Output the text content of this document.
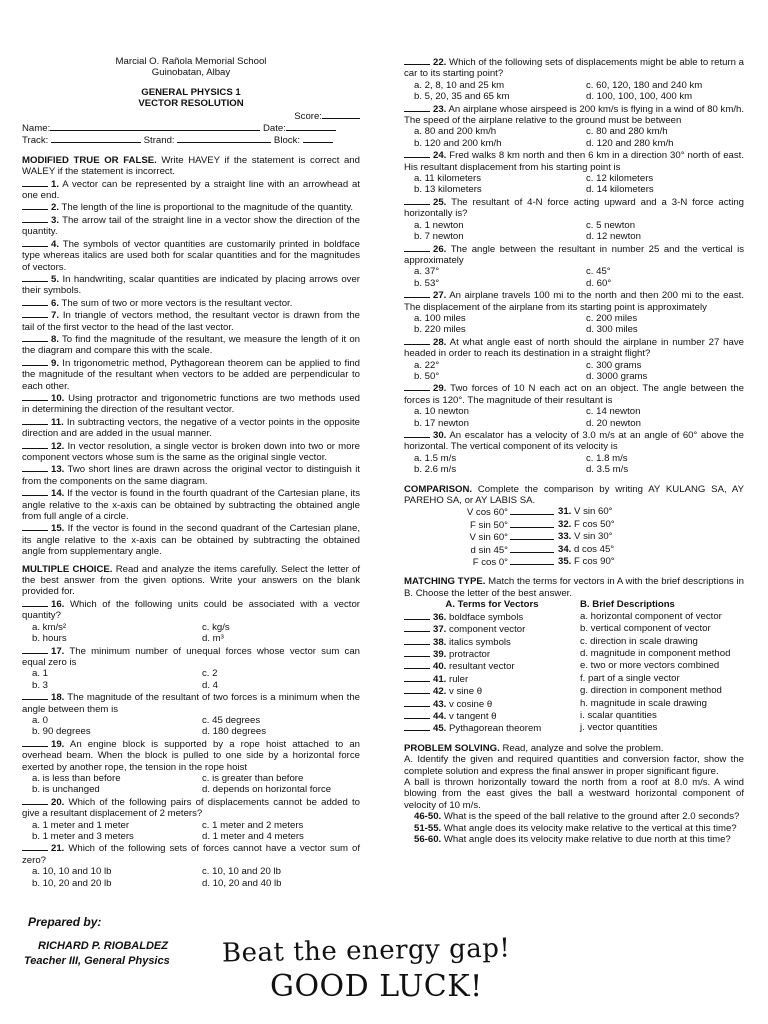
Marcial O. Rañola Memorial School

Guinobatan, Albay

GENERAL PHYSICS 1

VECTOR RESOLUTION

Score:

Name:	Date:

Track:	Strand:	Block:

MODIFIED TRUE OR FALSE. Write HAVEY if the statement is correct and WALEY if the statement is incorrect.

1. A vector can be represented by a straight line with an arrowhead at one end.

2. The length of the line is proportional to the magnitude of the quantity.

3. The arrow tail of the straight line in a vector show the direction of the quantity.

4. The symbols of vector quantities are customarily printed in boldface type whereas italics are used both for scalar quantities and for the magnitudes of vectors.

5. In handwriting, scalar quantities are indicated by placing arrows over their symbols.

6. The sum of two or more vectors is the resultant vector.

7. In triangle of vectors method, the resultant vector is drawn from the tail of the first vector to the head of the last vector.

8. To find the magnitude of the resultant, we measure the length of it on the diagram and compare this with the scale.

9. In trigonometric method, Pythagorean theorem can be applied to find the magnitude of the resultant when vectors to be added are perpendicular to each other.

10. Using protractor and trigonometric functions are two methods used in determining the direction of the resultant vector.

11. In subtracting vectors, the negative of a vector points in the opposite direction and are added in the usual manner.

12. In vector resolution, a single vector is broken down into two or more component vectors whose sum is the same as the original single vector.

13. Two short lines are drawn across the original vector to distinguish it from the components on the same diagram.

14. If the vector is found in the fourth quadrant of the Cartesian plane, its angle relative to the x-axis can be obtained by subtracting the obtained angle from full angle of a circle.

15. If the vector is found in the second quadrant of the Cartesian plane, its angle relative to the x-axis can be obtained by subtracting the obtained angle from supplementary angle.

MULTIPLE CHOICE. Read and analyze the items carefully. Select the letter of the best answer from the given options. Write your answers on the blank provided for.

16. Which of the following units could be associated with a vector quantity?

a. km/s²	c. kg/s
b. hours	d. m³

17. The minimum number of unequal forces whose vector sum can equal zero is

a. 1	c. 2
b. 3	d. 4

18. The magnitude of the resultant of two forces is a minimum when the angle between them is

a. 0	c. 45 degrees
b. 90 degrees	d. 180 degrees

19. An engine block is supported by a rope hoist attached to an overhead beam. When the block is pulled to one side by a horizontal force exerted by another rope, the tension in the rope hoist

a. is less than before	c. is greater than before
b. is unchanged	d. depends on horizontal force

20. Which of the following pairs of displacements cannot be added to give a resultant displacement of 2 meters?

a. 1 meter and 1 meter	c. 1 meter and 2 meters
b. 1 meter and 3 meters	d. 1 meter and 4 meters

21. Which of the following sets of forces cannot have a vector sum of zero?

a. 10, 10 and 10 lb	c. 10, 10 and 20 lb
b. 10, 20 and 20 lb	d. 10, 20 and 40 lb

22. Which of the following sets of displacements might be able to return a car to its starting point?

a. 2, 8, 10 and 25 km	c. 60, 120, 180 and 240 km
b. 5, 20, 35 and 65 km	d. 100, 100, 100, 400 km

23. An airplane whose airspeed is 200 km/s is flying in a wind of 80 km/h. The speed of the airplane relative to the ground must be between

a. 80 and 200 km/h	c. 80 and 280 km/h
b. 120 and 200 km/h	d. 120 and 280 km/h

24. Fred walks 8 km north and then 6 km in a direction 30° north of east. His resultant displacement from his starting point is

a. 11 kilometers	c. 12 kilometers
b. 13 kilometers	d. 14 kilometers

25. The resultant of 4-N force acting upward and a 3-N force acting horizontally is?

a. 1 newton	c. 5 newton
b. 7 newton	d. 12 newton

26. The angle between the resultant in number 25 and the vertical is approximately

a. 37°	c. 45°
b. 53°	d. 60°

27. An airplane travels 100 mi to the north and then 200 mi to the east. The displacement of the airplane from its starting point is approximately

a. 100 miles	c. 200 miles
b. 220 miles	d. 300 miles

28. At what angle east of north should the airplane in number 27 have headed in order to reach its destination in a straight flight?

a. 22°	c. 300 grams
b. 50°	d. 3000 grams

29. Two forces of 10 N each act on an object. The angle between the forces is 120°. The magnitude of their resultant is

a. 10 newton	c. 14 newton
b. 17 newton	d. 20 newton

30. An escalator has a velocity of 3.0 m/s at an angle of 60° above the horizontal. The vertical component of its velocity is

a. 1.5 m/s	c. 1.8 m/s
b. 2.6 m/s	d. 3.5 m/s

COMPARISON. Complete the comparison by writing AY KULANG SA, AY PAREHO SA, or AY LABIS SA.

V cos 60°	31. V sin 60°
F sin 50°	32. F cos 50°
V sin 60°	33. V sin 30°
d sin 45°	34. d cos 45°
F cos 0°	35. F cos 90°

MATCHING TYPE. Match the terms for vectors in A with the brief descriptions in B. Choose the letter of the best answer.

A. Terms for Vectors	B. Brief Descriptions
36. boldface symbols	a. horizontal component of vector
37. component vector	b. vertical component of vector
38. italics symbols	c. direction in scale drawing
39. protractor	d. magnitude in component method
40. resultant vector	e. two or more vectors combined
41. ruler	f. part of a single vector
42. v sine θ	g. direction in component method
43. v cosine θ	h. magnitude in scale drawing
44. v tangent θ	i. scalar quantities
45. Pythagorean theorem	j. vector quantities

PROBLEM SOLVING. Read, analyze and solve the problem.

A. Identify the given and required quantities and conversion factor, show the complete solution and express the final answer in proper significant figure.

A ball is thrown horizontally toward the north from a roof at 8.0 m/s. A wind blowing from the east gives the ball a westward horizontal component of velocity of 10 m/s.

46-50. What is the speed of the ball relative to the ground after 2.0 seconds?

51-55. What angle does its velocity make relative to the vertical at this time?

56-60. What angle does its velocity make relative to due north at this time?

Prepared by:

RICHARD P. RIOBALDEZ

Teacher III, General Physics Beat the energy gap!

GOOD LUCK!
